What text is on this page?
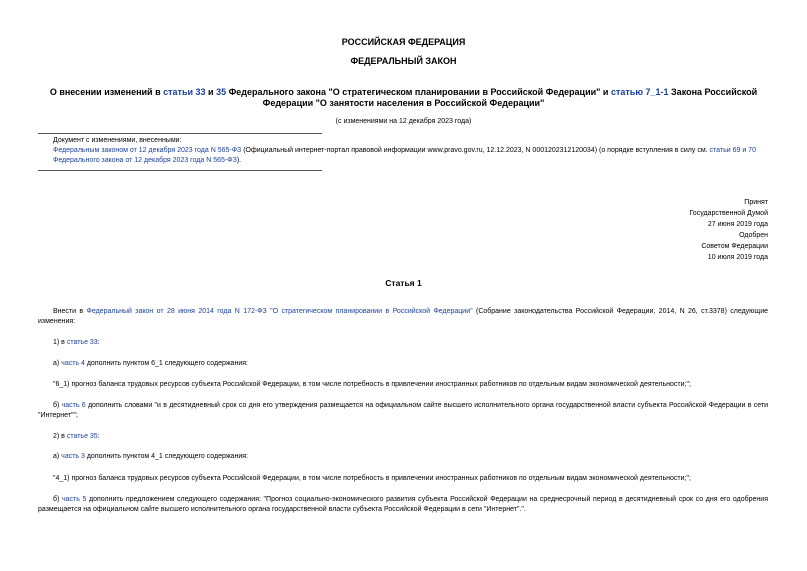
РОССИЙСКАЯ ФЕДЕРАЦИЯ
ФЕДЕРАЛЬНЫЙ ЗАКОН
О внесении изменений в статьи 33 и 35 Федерального закона "О стратегическом планировании в Российской Федерации" и статью 7_1-1 Закона Российской Федерации "О занятости населения в Российской Федерации"
(с изменениями на 12 декабря 2023 года)
Документ с изменениями, внесенными:
Федеральным законом от 12 декабря 2023 года N 565-ФЗ (Официальный интернет-портал правовой информации www.pravo.gov.ru, 12.12.2023, N 0001202312120034) (о порядке вступления в силу см. статьи 69 и 70 Федерального закона от 12 декабря 2023 года N 565-ФЗ).
Принят
Государственной Думой
27 июня 2019 года
Одобрен
Советом Федерации
10 июля 2019 года
Статья 1
Внести в Федеральный закон от 28 июня 2014 года N 172-ФЗ "О стратегическом планировании в Российской Федерации" (Собрание законодательства Российской Федерации, 2014, N 26, ст.3378) следующие изменения:
1) в статье 33:
а) часть 4 дополнить пунктом 6_1 следующего содержания:
"6_1) прогноз баланса трудовых ресурсов субъекта Российской Федерации, в том числе потребность в привлечении иностранных работников по отдельным видам экономической деятельности;";
б) часть 6 дополнить словами "и в десятидневный срок со дня его утверждения размещается на официальном сайте высшего исполнительного органа государственной власти субъекта Российской Федерации в сети "Интернет"";
2) в статье 35:
а) часть 3 дополнить пунктом 4_1 следующего содержания:
"4_1) прогноз баланса трудовых ресурсов субъекта Российской Федерации, в том числе потребность в привлечении иностранных работников по отдельным видам экономической деятельности;";
б) часть 5 дополнить предложением следующего содержания: "Прогноз социально-экономического развития субъекта Российской Федерации на среднесрочный период в десятидневный срок со дня его одобрения размещается на официальном сайте высшего исполнительного органа государственной власти субъекта Российской Федерации в сети "Интернет".".
